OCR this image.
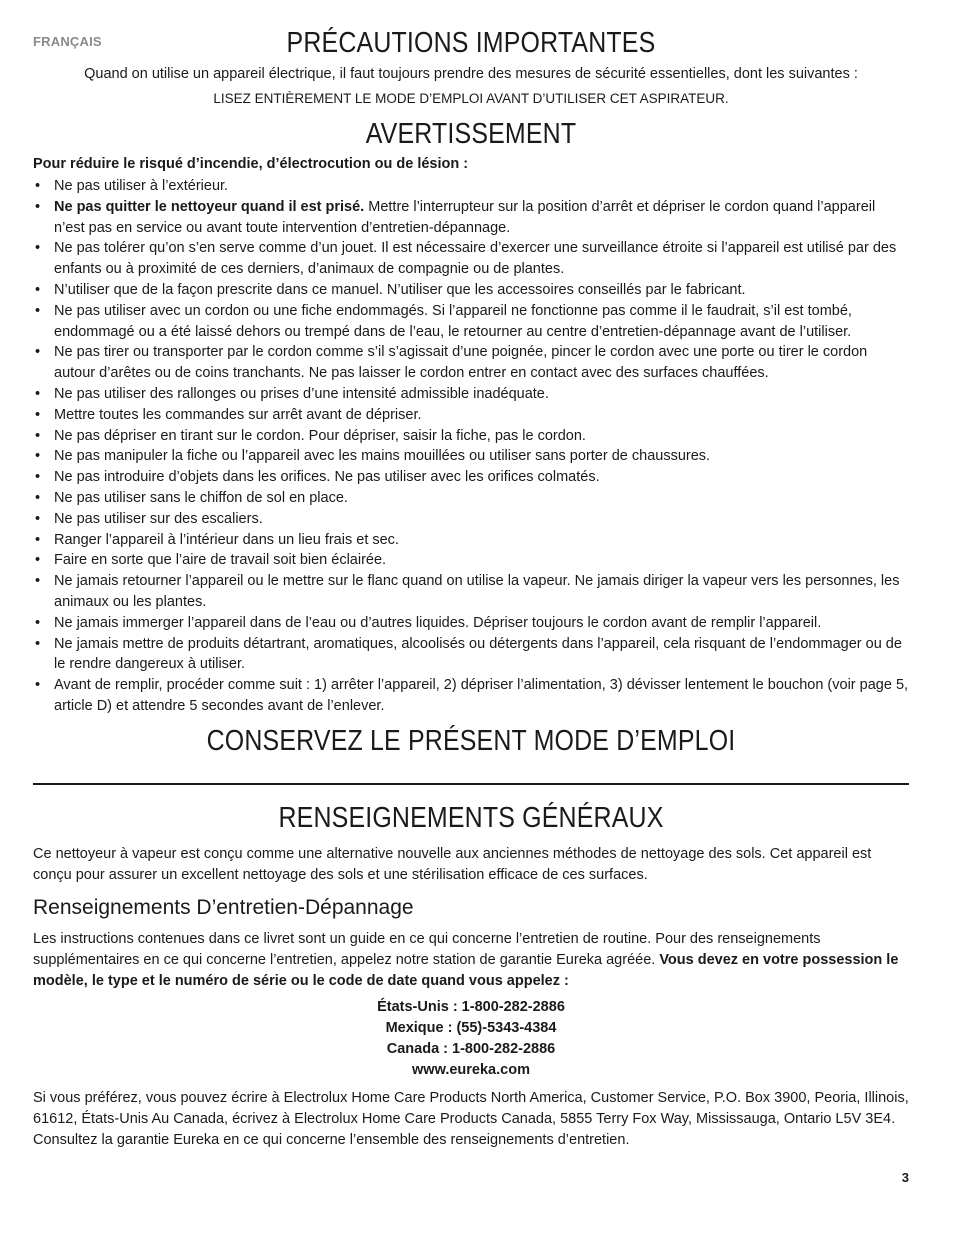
FRANÇAIS	PRÉCAUTIONS IMPORTANTES
Quand on utilise un appareil électrique, il faut toujours prendre des mesures de sécurité essentielles, dont les suivantes :
LISEZ ENTIÈREMENT LE MODE D’EMPLOI AVANT D’UTILISER CET ASPIRATEUR.
AVERTISSEMENT
Pour réduire le risqué d’incendie, d’électrocution ou de lésion :
• Ne pas utiliser à l’extérieur.
• Ne pas quitter le nettoyeur quand il est prisé. Mettre l’interrupteur sur la position d’arrêt et dépriser le cordon quand l’appareil n’est pas en service ou avant toute intervention d’entretien-dépannage.
• Ne pas tolérer qu’on s’en serve comme d’un jouet. Il est nécessaire d’exercer une surveillance étroite si l’appareil est utilisé par des enfants ou à proximité de ces derniers, d’animaux de compagnie ou de plantes.
• N’utiliser que de la façon prescrite dans ce manuel. N’utiliser que les accessoires conseillés par le fabricant.
• Ne pas utiliser avec un cordon ou une fiche endommagés. Si l’appareil ne fonctionne pas comme il le faudrait, s’il est tombé, endommagé ou a été laissé dehors ou trempé dans de l’eau, le retourner au centre d’entretien-dépannage avant de l’utiliser.
• Ne pas tirer ou transporter par le cordon comme s’il s’agissait d’une poignée, pincer le cordon avec une porte ou tirer le cordon autour d’arêtes ou de coins tranchants. Ne pas laisser le cordon entrer en contact avec des surfaces chauffées.
• Ne pas utiliser des rallonges ou prises d’une intensité admissible inadéquate.
• Mettre toutes les commandes sur arrêt avant de dépriser.
• Ne pas dépriser en tirant sur le cordon. Pour dépriser, saisir la fiche, pas le cordon.
• Ne pas manipuler la fiche ou l’appareil avec les mains mouillées ou utiliser sans porter de chaussures.
• Ne pas introduire d’objets dans les orifices. Ne pas utiliser avec les orifices colmatés.
• Ne pas utiliser sans le chiffon de sol en place.
• Ne pas utiliser sur des escaliers.
• Ranger l’appareil à l’intérieur dans un lieu frais et sec.
• Faire en sorte que l’aire de travail soit bien éclairée.
• Ne jamais retourner l’appareil ou le mettre sur le flanc quand on utilise la vapeur. Ne jamais diriger la vapeur vers les personnes, les animaux ou les plantes.
• Ne jamais immerger l’appareil dans de l’eau ou d’autres liquides. Dépriser toujours le cordon avant de remplir l’appareil.
• Ne jamais mettre de produits détartrant, aromatiques, alcoolisés ou détergents dans l’appareil, cela risquant de l’endommager ou de le rendre dangereux à utiliser.
• Avant de remplir, procéder comme suit : 1) arrêter l’appareil, 2) dépriser l’alimentation, 3) dévisser lentement le bouchon (voir page 5, article D) et attendre 5 secondes avant de l’enlever.
CONSERVEZ LE PRÉSENT MODE D’EMPLOI
RENSEIGNEMENTS GÉNÉRAUX
Ce nettoyeur à vapeur est conçu comme une alternative nouvelle aux anciennes méthodes de nettoyage des sols. Cet appareil est conçu pour assurer un excellent nettoyage des sols et une stérilisation efficace de ces surfaces.
Renseignements D’entretien-Dépannage
Les instructions contenues dans ce livret sont un guide en ce qui concerne l’entretien de routine. Pour des renseignements supplémentaires en ce qui concerne l’entretien, appelez notre station de garantie Eureka agréée. Vous devez en votre possession le modèle, le type et le numéro de série ou le code de date quand vous appelez :
États-Unis : 1-800-282-2886
Mexique : (55)-5343-4384
Canada : 1-800-282-2886
www.eureka.com
Si vous préférez, vous pouvez écrire à Electrolux Home Care Products North America, Customer Service, P.O. Box 3900, Peoria, Illinois, 61612, États-Unis Au Canada, écrivez à Electrolux Home Care Products Canada, 5855 Terry Fox Way, Mississauga, Ontario L5V 3E4. Consultez la garantie Eureka en ce qui concerne l’ensemble des renseignements d’entretien.
3
